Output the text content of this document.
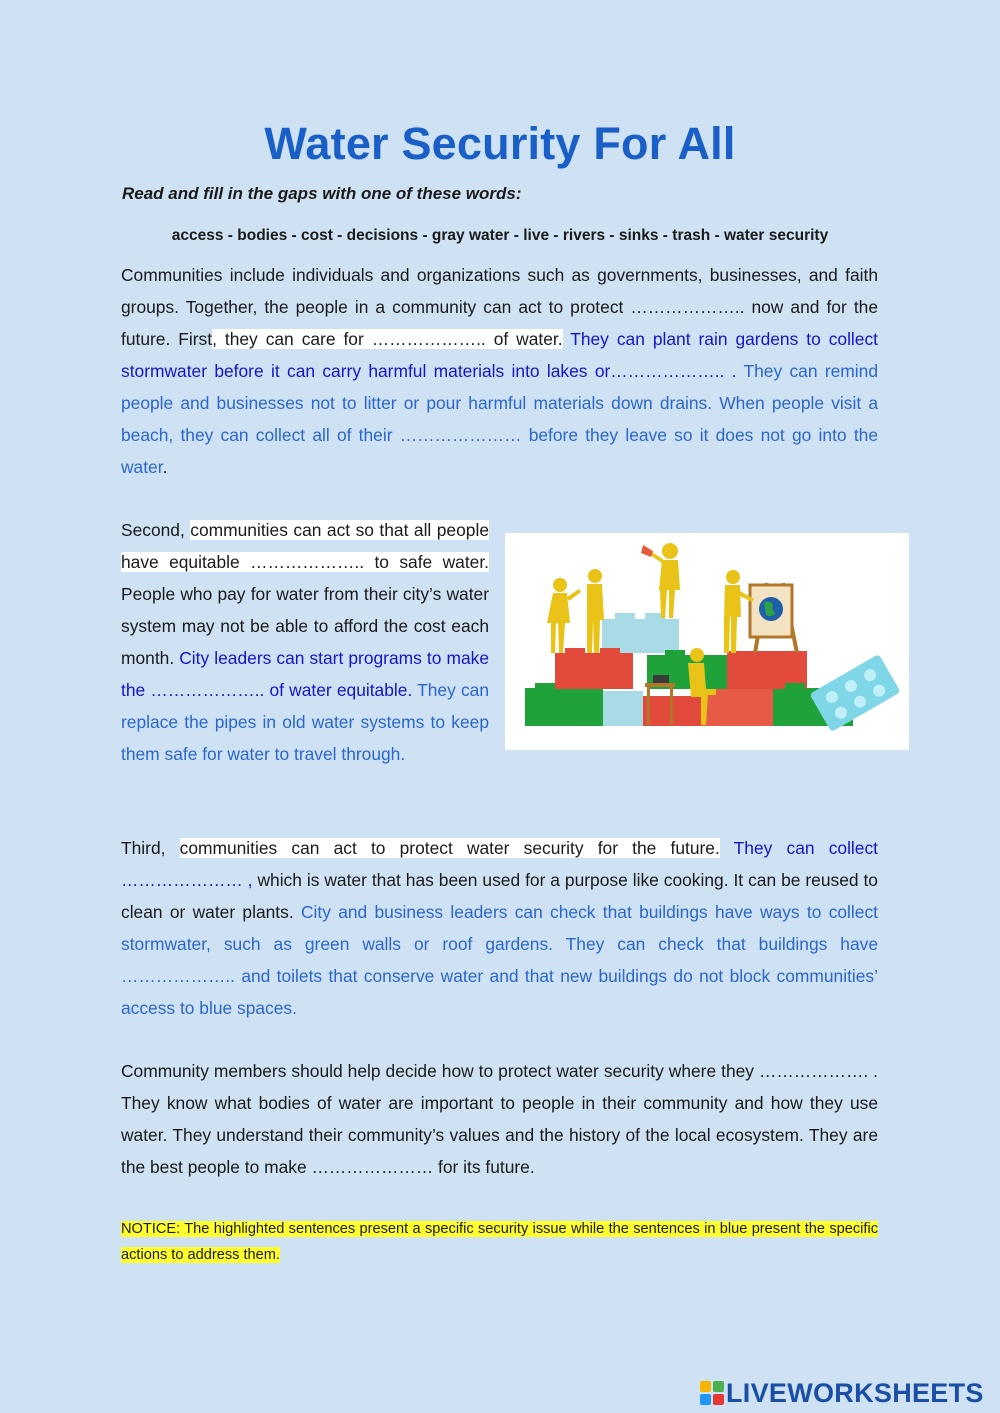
Water Security For All
Read and fill in the gaps with one of these words:
access - bodies - cost - decisions - gray water - live - rivers - sinks - trash - water security

Communities include individuals and organizations such as governments, businesses, and faith groups. Together, the people in a community can act to protect ……………….. now and for the future. First, they can care for ……………….. of water. They can plant rain gardens to collect stormwater before it can carry harmful materials into lakes or……………….. . They can remind people and businesses not to litter or pour harmful materials down drains. When people visit a beach, they can collect all of their ………………… before they leave so it does not go into the water.

Second, communities can act so that all people have equitable ……………….. to safe water. People who pay for water from their city’s water system may not be able to afford the cost each month. City leaders can start programs to make the ……………….. of water equitable. They can replace the pipes in old water systems to keep them safe for water to travel through.

Third, communities can act to protect water security for the future. They can collect ………………… , which is water that has been used for a purpose like cooking. It can be reused to clean or water plants. City and business leaders can check that buildings have ways to collect stormwater, such as green walls or roof gardens. They can check that buildings have ……………….. and toilets that conserve water and that new buildings do not block communities’ access to blue spaces.

Community members should help decide how to protect water security where they ………………. . They know what bodies of water are important to people in their community and how they use water. They understand their community’s values and the history of the local ecosystem. They are the best people to make ………………… for its future.

NOTICE: The highlighted sentences present a specific security issue while the sentences in blue present the specific actions to address them.

LIVEWORKSHEETS
